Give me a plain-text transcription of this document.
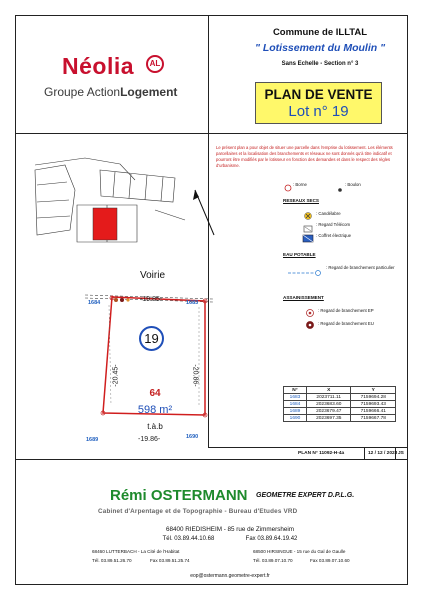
Néolia	AL
Groupe ActionLogement
Commune de ILLTAL
" Lotissement du Moulin "
Sans Echelle - Section n° 3
PLAN DE VENTE
Lot n° 19
Le présent plan a pour objet de situer une parcelle dans l'emprise du lotissement. Les éléments parcellaires et la localisation des branchements et réseaux ne sont donnés qu'à titre indicatif et pourront être modifiés par le lotisseur en fonction des demandes et dans le respect des règles d'urbanisme.
: Borne	: Boulon
RESEAUX SECS
: Candélabre
: Regard Télécom
: Coffret électrique
EAU POTABLE
: Regard de branchement particulier
ASSAINISSEMENT
: Regard de branchement EP
: Regard de branchement EU
Voirie
-19.85-
-20.45-	-20.86-
-19.86-
1684	1683
1689	1690
19
64
598 m²
t.à.b
N°	X	Y
1683	2023711.11	7159694.28
1684	2023683.60	7159693.43
1689	2023679.47	7159666.41
1690	2023697.35	7159667.78
PLAN N° 11092-H-4a	12 / 12 / 2023 JS
Rémi OSTERMANN GEOMETRE EXPERT D.P.L.G.
Cabinet d'Arpentage et de Topographie - Bureau d'Etudes VRD
68400 RIEDISHEIM - 85 rue de Zimmersheim
Tél. 03.89.44.10.68	Fax 03.89.64.19.42
68460 LUTTERBACH - La Cité de l'Habitat
Tél. 03.89.51.26.70	Fax 03.89.51.25.74
68500 HIRSINGUE - 15 rue du Gal de Gaulle
Tél. 03.89.07.10.70	Fax 03.89.07.10.60
eop@ostermann.geometre-expert.fr
